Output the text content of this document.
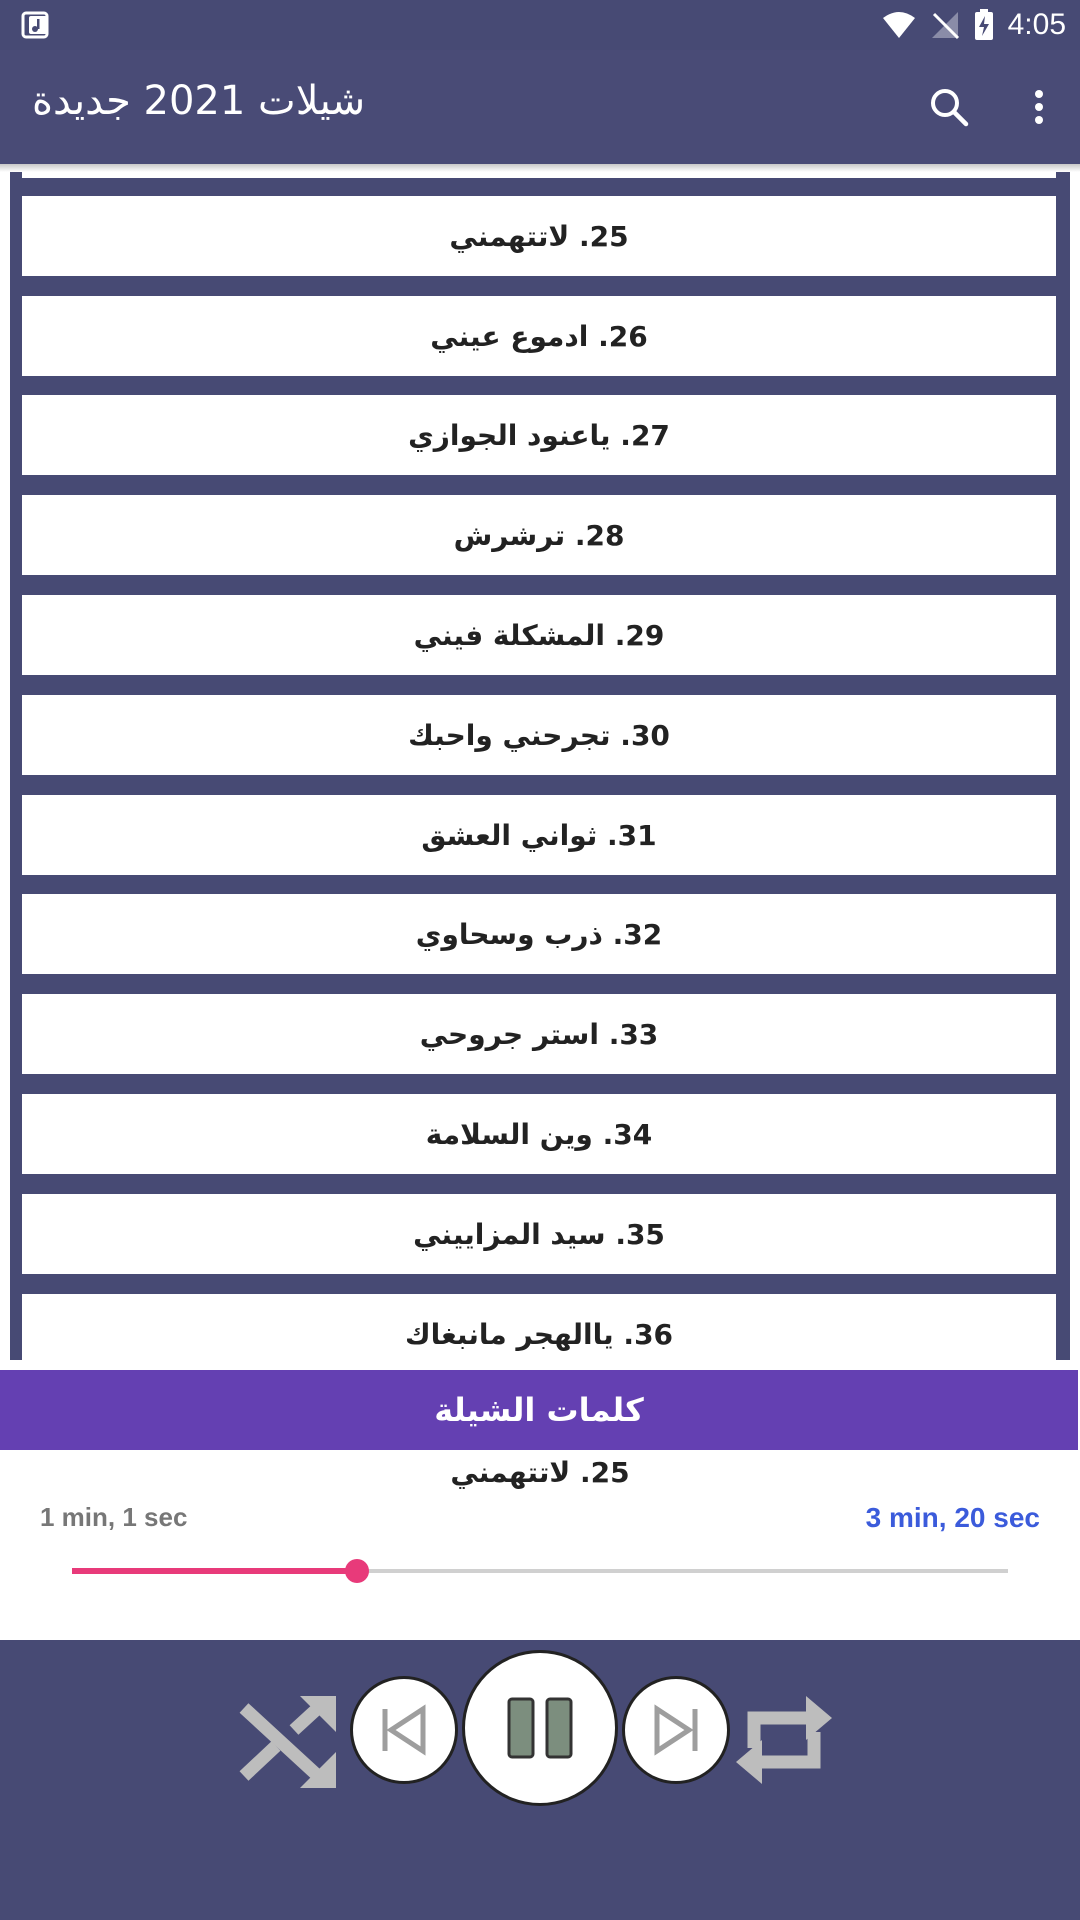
4:05
شيلات 2021 جديدة
25. لاتتهمني
26. ادموع عيني
27. ياعنود الجوازي
28. ترشرش
29. المشكلة فيني
30. تجرحني واحبك
31. ثواني العشق
32. ذرب وسحاوي
33. استر جروحي
34. وين السلامة
35. سيد المزاييني
36. ياالهجر مانبغاك
كلمات الشيلة
25. لاتتهمني
1 min, 1 sec	3 min, 20 sec
